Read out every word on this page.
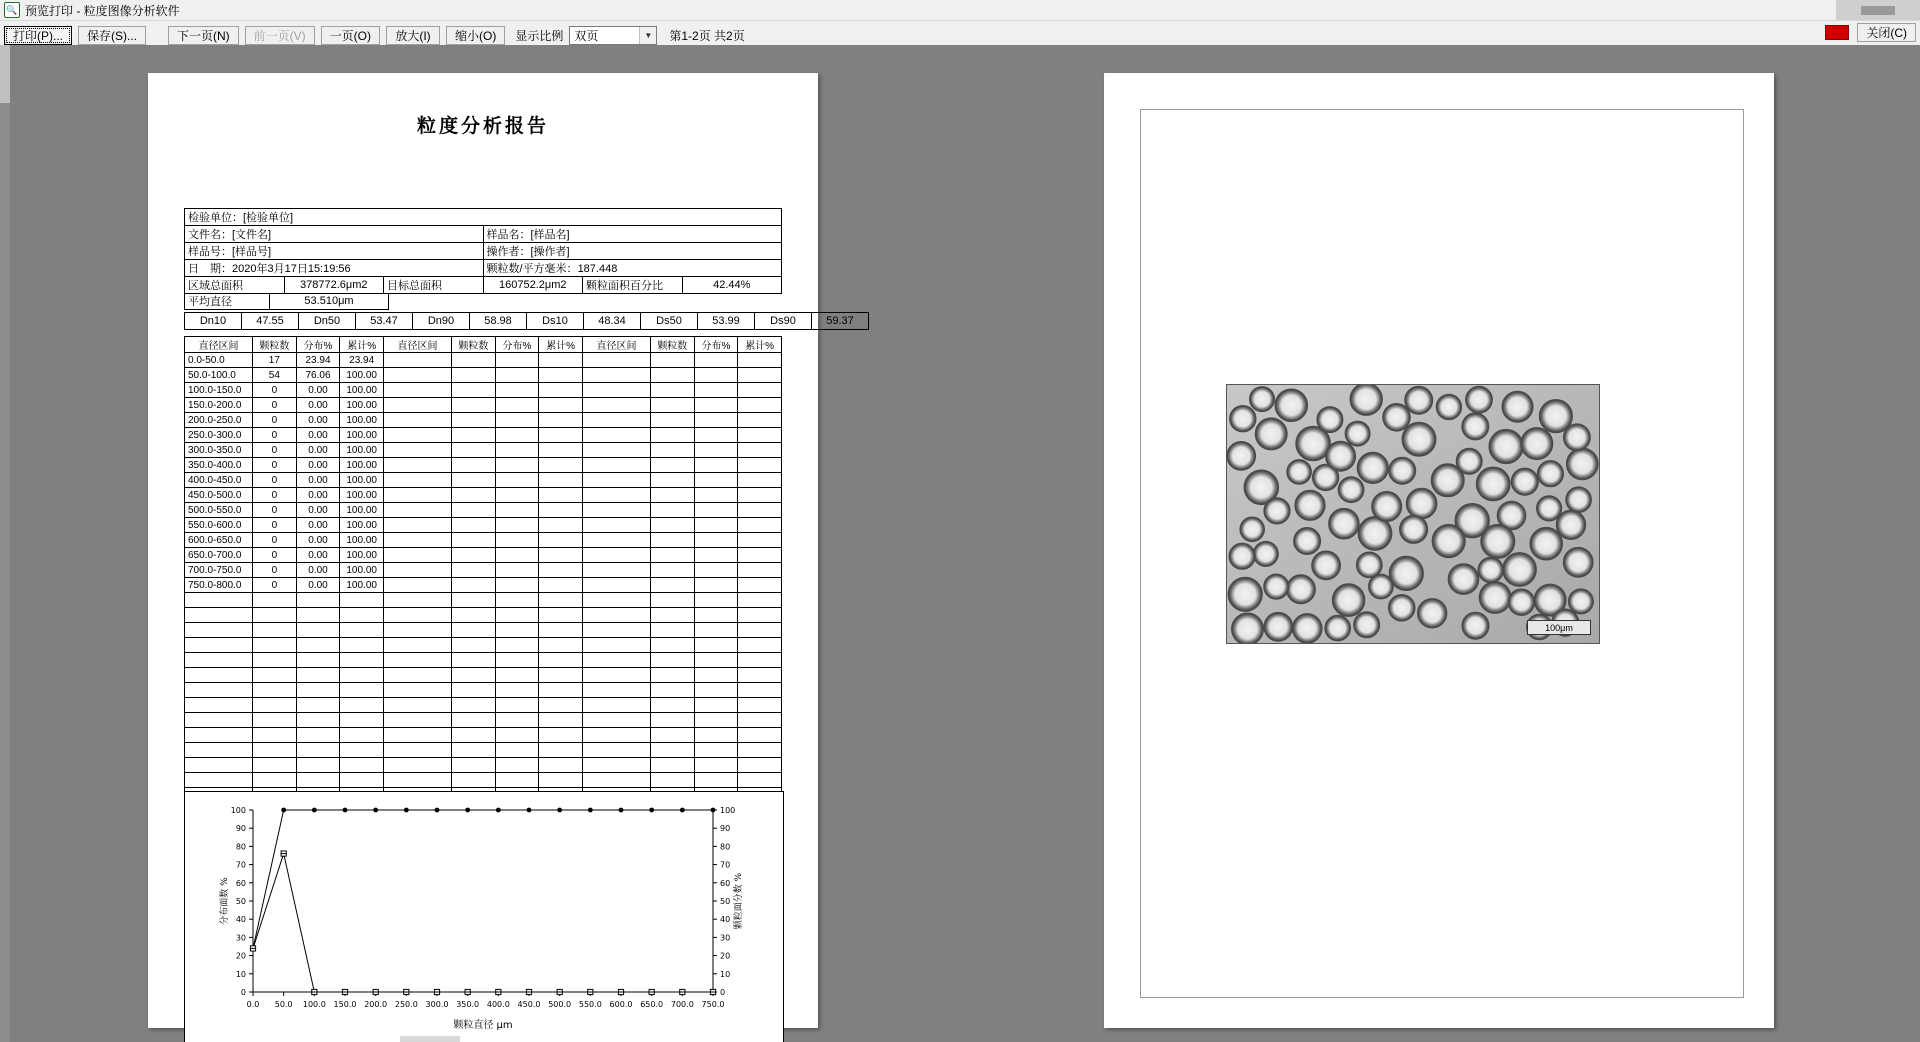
🔍 预览打印 - 粒度图像分析软件
打印(P)...	保存(S)...	下一页(N)	前一页(V)	一页(O)	放大(I)	缩小(O)	显示比例 双页	▼	第1-2页 共2页	关闭(C)
粒度分析报告
检验单位：[检验单位]					
文件名：[文件名]			样品名：[样品名]		
样品号：[样品号]			操作者：[操作者]		
日　期：2020年3月17日15:19:56			颗粒数/平方毫米：187.448		
区域总面积	378772.6μm2	目标总面积	160752.2μm2	颗粒面积百分比	42.44%
平均直径	53.510μm	
Dn10	47.55	Dn50	53.47	Dn90	58.98	Ds10	48.34	Ds50	53.99	Ds90	59.37
直径区间	颗粒数	分布%	累计%	直径区间	颗粒数	分布%	累计%	直径区间	颗粒数	分布%	累计%
0.0-50.0	17	23.94	23.94								
50.0-100.0	54	76.06	100.00								
100.0-150.0	0	0.00	100.00								
150.0-200.0	0	0.00	100.00								
200.0-250.0	0	0.00	100.00								
250.0-300.0	0	0.00	100.00								
300.0-350.0	0	0.00	100.00								
350.0-400.0	0	0.00	100.00								
400.0-450.0	0	0.00	100.00								
450.0-500.0	0	0.00	100.00								
500.0-550.0	0	0.00	100.00								
550.0-600.0	0	0.00	100.00								
600.0-650.0	0	0.00	100.00								
650.0-700.0	0	0.00	100.00								
700.0-750.0	0	0.00	100.00								
750.0-800.0	0	0.00	100.00								

0	0
10	10
20	20
30	30
40	40
50	50
60	60
70	70
80	80
90	90
100	100
0.0 50.0 100.0 150.0 200.0 250.0 300.0 350.0 400.0 450.0 500.0 550.0 600.0 650.0 700.0 750.0
颗粒直径 μm
分布面数 %	颗粒面分数 %
100μm
